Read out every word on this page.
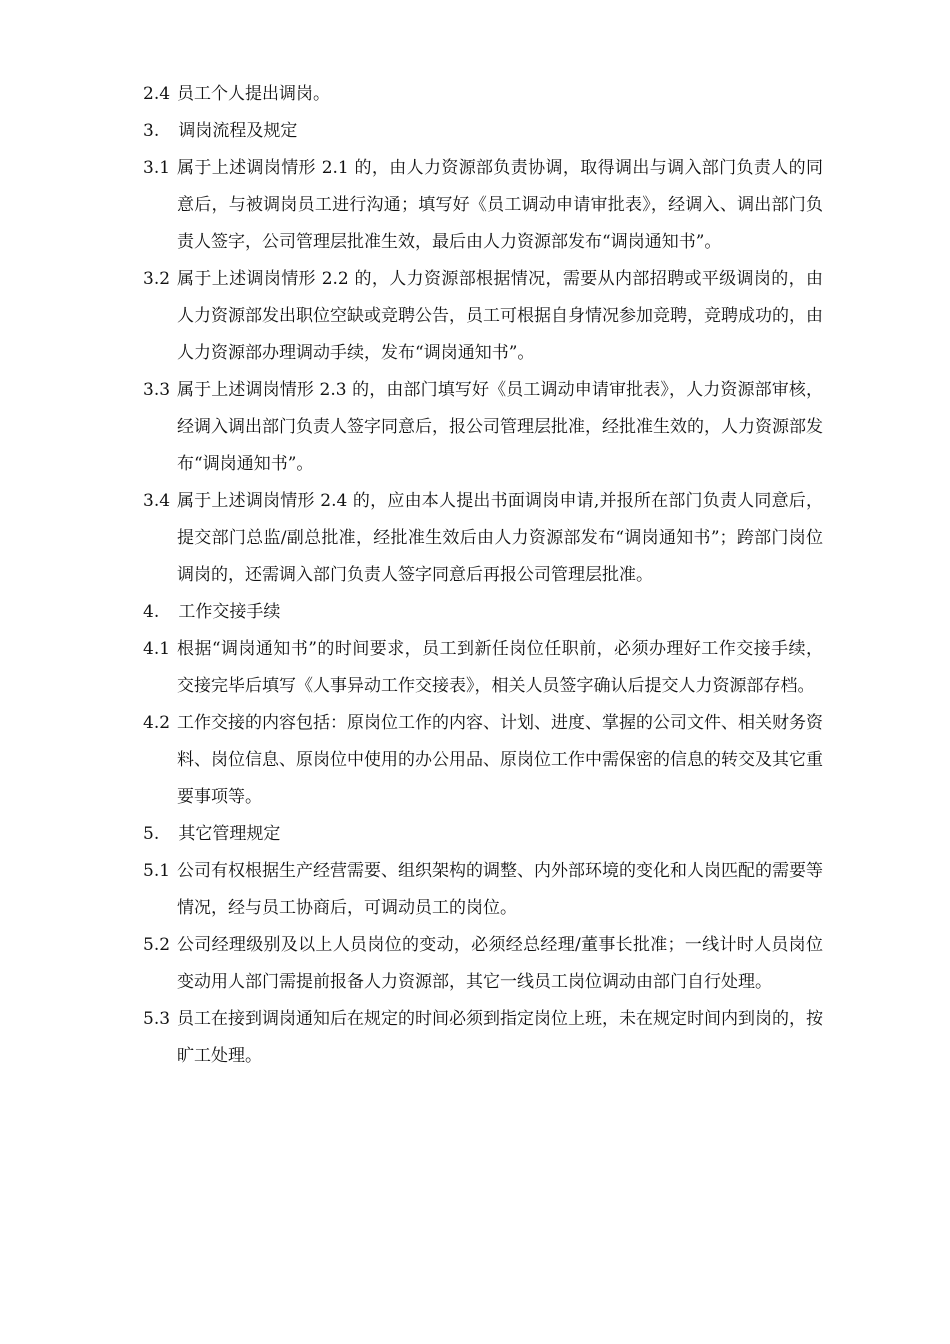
2.4 员工个人提出调岗。

3. 调岗流程及规定

3.1 属于上述调岗情形 2.1 的，由人力资源部负责协调，取得调出与调入部门负责人的同意后，与被调岗员工进行沟通；填写好《员工调动申请审批表》，经调入、调出部门负责人签字，公司管理层批准生效，最后由人力资源部发布“调岗通知书”。

3.2 属于上述调岗情形 2.2 的，人力资源部根据情况，需要从内部招聘或平级调岗的，由人力资源部发出职位空缺或竞聘公告，员工可根据自身情况参加竞聘，竞聘成功的，由人力资源部办理调动手续，发布“调岗通知书”。

3.3 属于上述调岗情形 2.3 的，由部门填写好《员工调动申请审批表》，人力资源部审核，经调入调出部门负责人签字同意后，报公司管理层批准，经批准生效的，人力资源部发布“调岗通知书”。

3.4 属于上述调岗情形 2.4 的，应由本人提出书面调岗申请,并报所在部门负责人同意后，提交部门总监/副总批准，经批准生效后由人力资源部发布“调岗通知书”；跨部门岗位调岗的，还需调入部门负责人签字同意后再报公司管理层批准。

4. 工作交接手续

4.1 根据“调岗通知书”的时间要求，员工到新任岗位任职前，必须办理好工作交接手续，交接完毕后填写《人事异动工作交接表》，相关人员签字确认后提交人力资源部存档。

4.2 工作交接的内容包括：原岗位工作的内容、计划、进度、掌握的公司文件、相关财务资料、岗位信息、原岗位中使用的办公用品、原岗位工作中需保密的信息的转交及其它重要事项等。

5. 其它管理规定

5.1 公司有权根据生产经营需要、组织架构的调整、内外部环境的变化和人岗匹配的需要等情况，经与员工协商后，可调动员工的岗位。

5.2 公司经理级别及以上人员岗位的变动，必须经总经理/董事长批准；一线计时人员岗位变动用人部门需提前报备人力资源部，其它一线员工岗位调动由部门自行处理。

5.3 员工在接到调岗通知后在规定的时间必须到指定岗位上班，未在规定时间内到岗的，按旷工处理。
